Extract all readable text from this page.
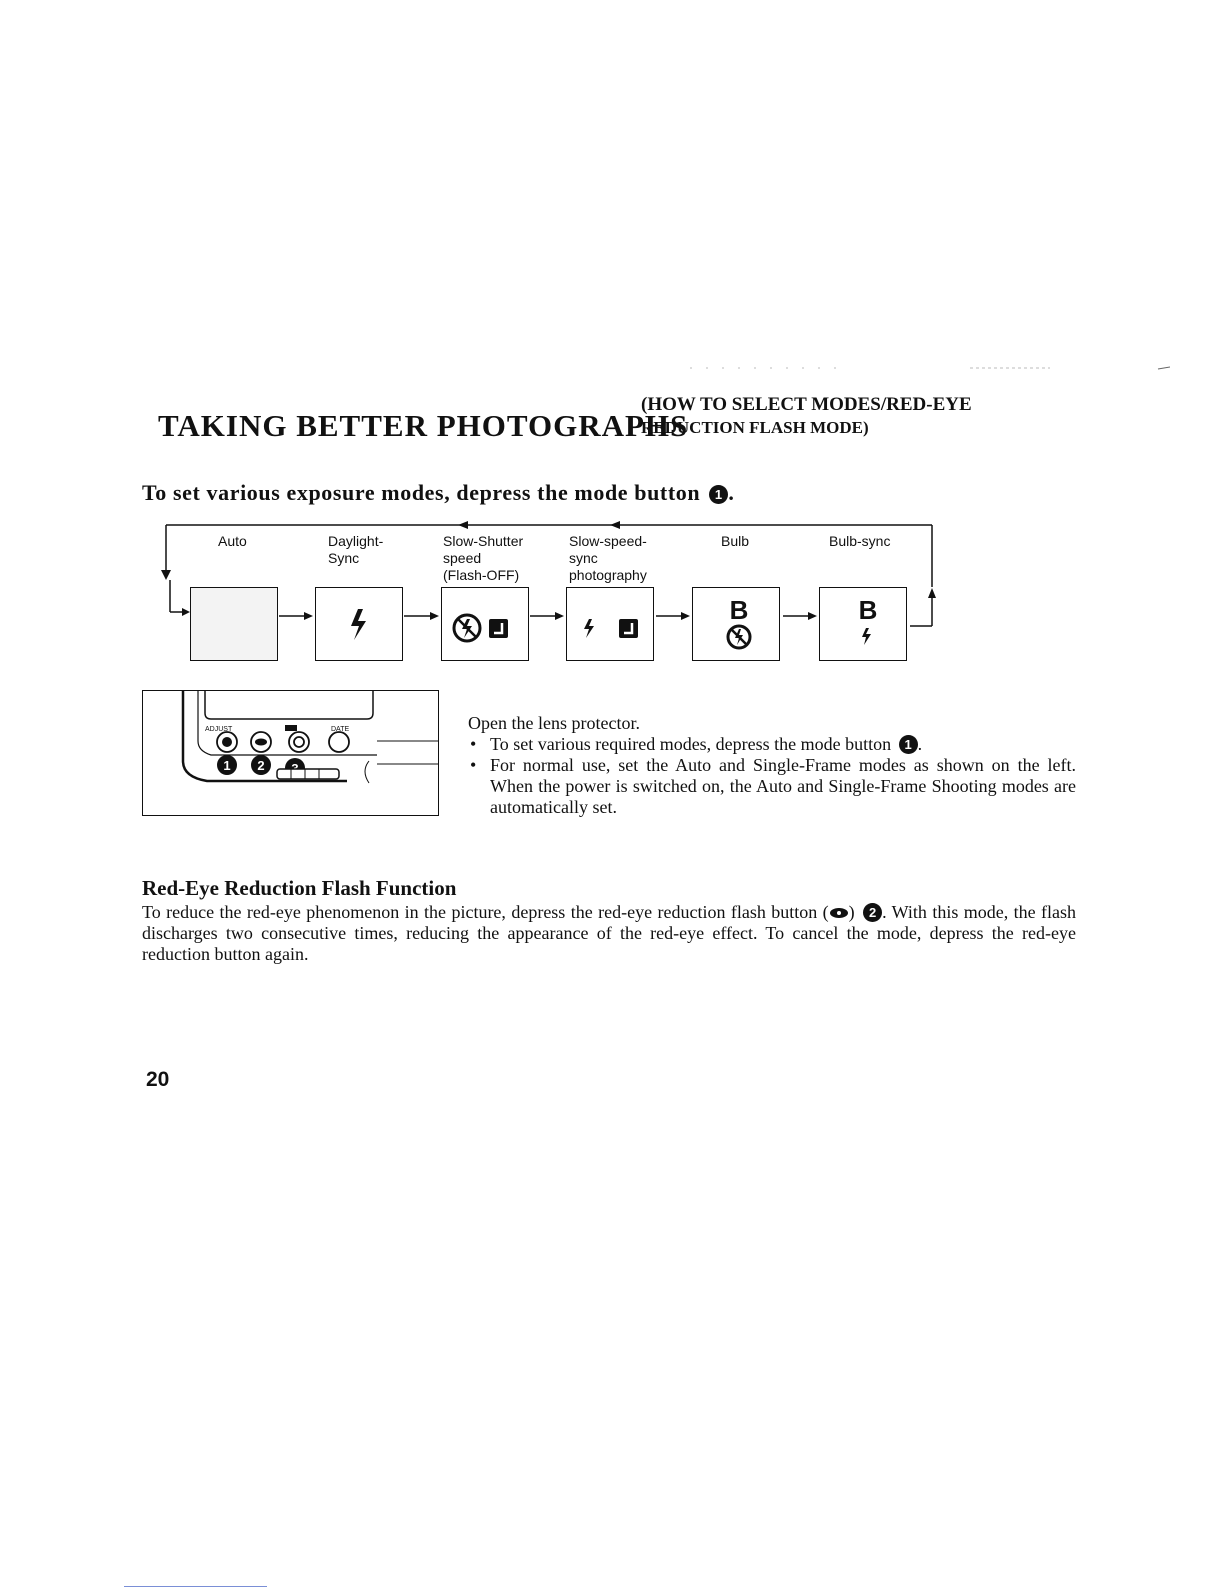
TAKING BETTER PHOTOGRAPHS
(HOW TO SELECT MODES/RED-EYE
REDUCTION FLASH MODE)
To set various exposure modes, depress the mode button 1 .
Auto	Daylight-
Sync
Slow-Shutter
speed
(Flash-OFF)
Slow-speed-
sync
photography
Bulb	Bulb-sync
B	B
ADJUST	DATE
1 2

Open the lens protector.

• To set various required modes, depress the mode button 1 .
• For normal use, set the Auto and Single-Frame modes as shown on the left. When the power is switched on, the Auto and Single-Frame Shooting modes are automatically set.
Red-Eye Reduction Flash Function
To reduce the red-eye phenomenon in the picture, depress the red-eye reduction flash button ( ) 2 . With this mode, the flash discharges two consecutive times, reducing the appearance of the red-eye effect. To cancel the mode, depress the red-eye reduction button again.
20
